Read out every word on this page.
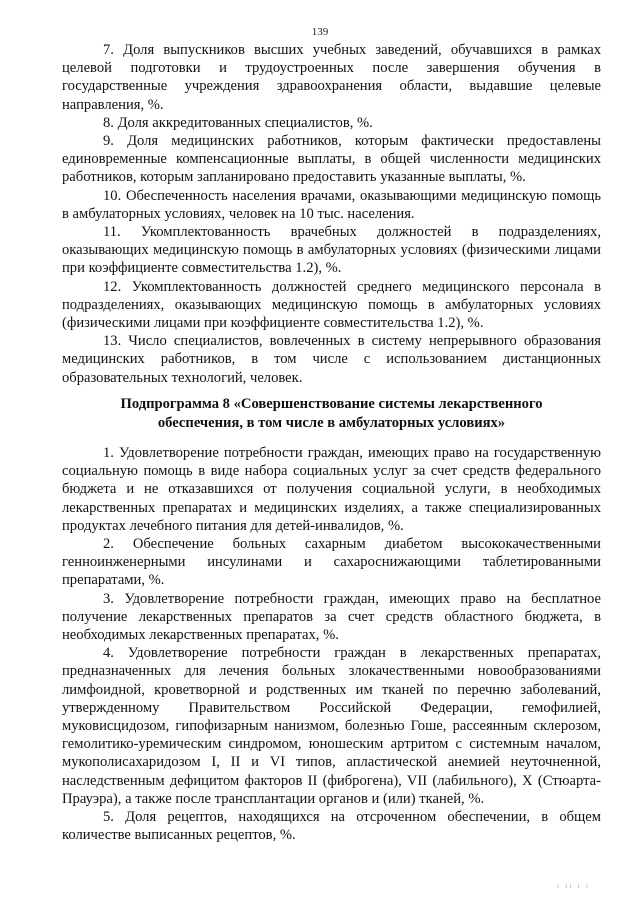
139

7. Доля выпускников высших учебных заведений, обучавшихся в рамках целевой подготовки и трудоустроенных после завершения обучения в государственные учреждения здравоохранения области, выдавшие целевые направления, %.

8. Доля аккредитованных специалистов, %.

9. Доля медицинских работников, которым фактически предоставлены единовременные компенсационные выплаты, в общей численности медицинских работников, которым запланировано предоставить указанные выплаты, %.

10. Обеспеченность населения врачами, оказывающими медицинскую помощь в амбулаторных условиях, человек на 10 тыс. населения.

11. Укомплектованность врачебных должностей в подразделениях, оказывающих медицинскую помощь в амбулаторных условиях (физическими лицами при коэффициенте совместительства 1.2), %.

12. Укомплектованность должностей среднего медицинского персонала в подразделениях, оказывающих медицинскую помощь в амбулаторных условиях (физическими лицами при коэффициенте совместительства 1.2), %.

13. Число специалистов, вовлеченных в систему непрерывного образования медицинских работников, в том числе с использованием дистанционных образовательных технологий, человек.

Подпрограмма 8 «Совершенствование системы лекарственного
обеспечения, в том числе в амбулаторных условиях»

1. Удовлетворение потребности граждан, имеющих право на государственную социальную помощь в виде набора социальных услуг за счет средств федерального бюджета и не отказавшихся от получения социальной услуги, в необходимых лекарственных препаратах и медицинских изделиях, а также специализированных продуктах лечебного питания для детей-инвалидов, %.

2. Обеспечение больных сахарным диабетом высококачественными генноинженерными инсулинами и сахароснижающими таблетированными препаратами, %.

3. Удовлетворение потребности граждан, имеющих право на бесплатное получение лекарственных препаратов за счет средств областного бюджета, в необходимых лекарственных препаратах, %.

4. Удовлетворение потребности граждан в лекарственных препаратах, предназначенных для лечения больных злокачественными новообразованиями лимфоидной, кроветворной и родственных им тканей по перечню заболеваний, утвержденному Правительством Российской Федерации, гемофилией, муковисцидозом, гипофизарным нанизмом, болезнью Гоше, рассеянным склерозом, гемолитико-уремическим синдромом, юношеским артритом с системным началом, мукополисахаридозом I, II и VI типов, апластической анемией неуточненной, наследственным дефицитом факторов II (фиброгена), VII (лабильного), X (Стюарта-Прауэра), а также после трансплантации органов и (или) тканей, %.

5. Доля рецептов, находящихся на отсроченном обеспечении, в общем количестве выписанных рецептов, %.

ı ıı ı ı
